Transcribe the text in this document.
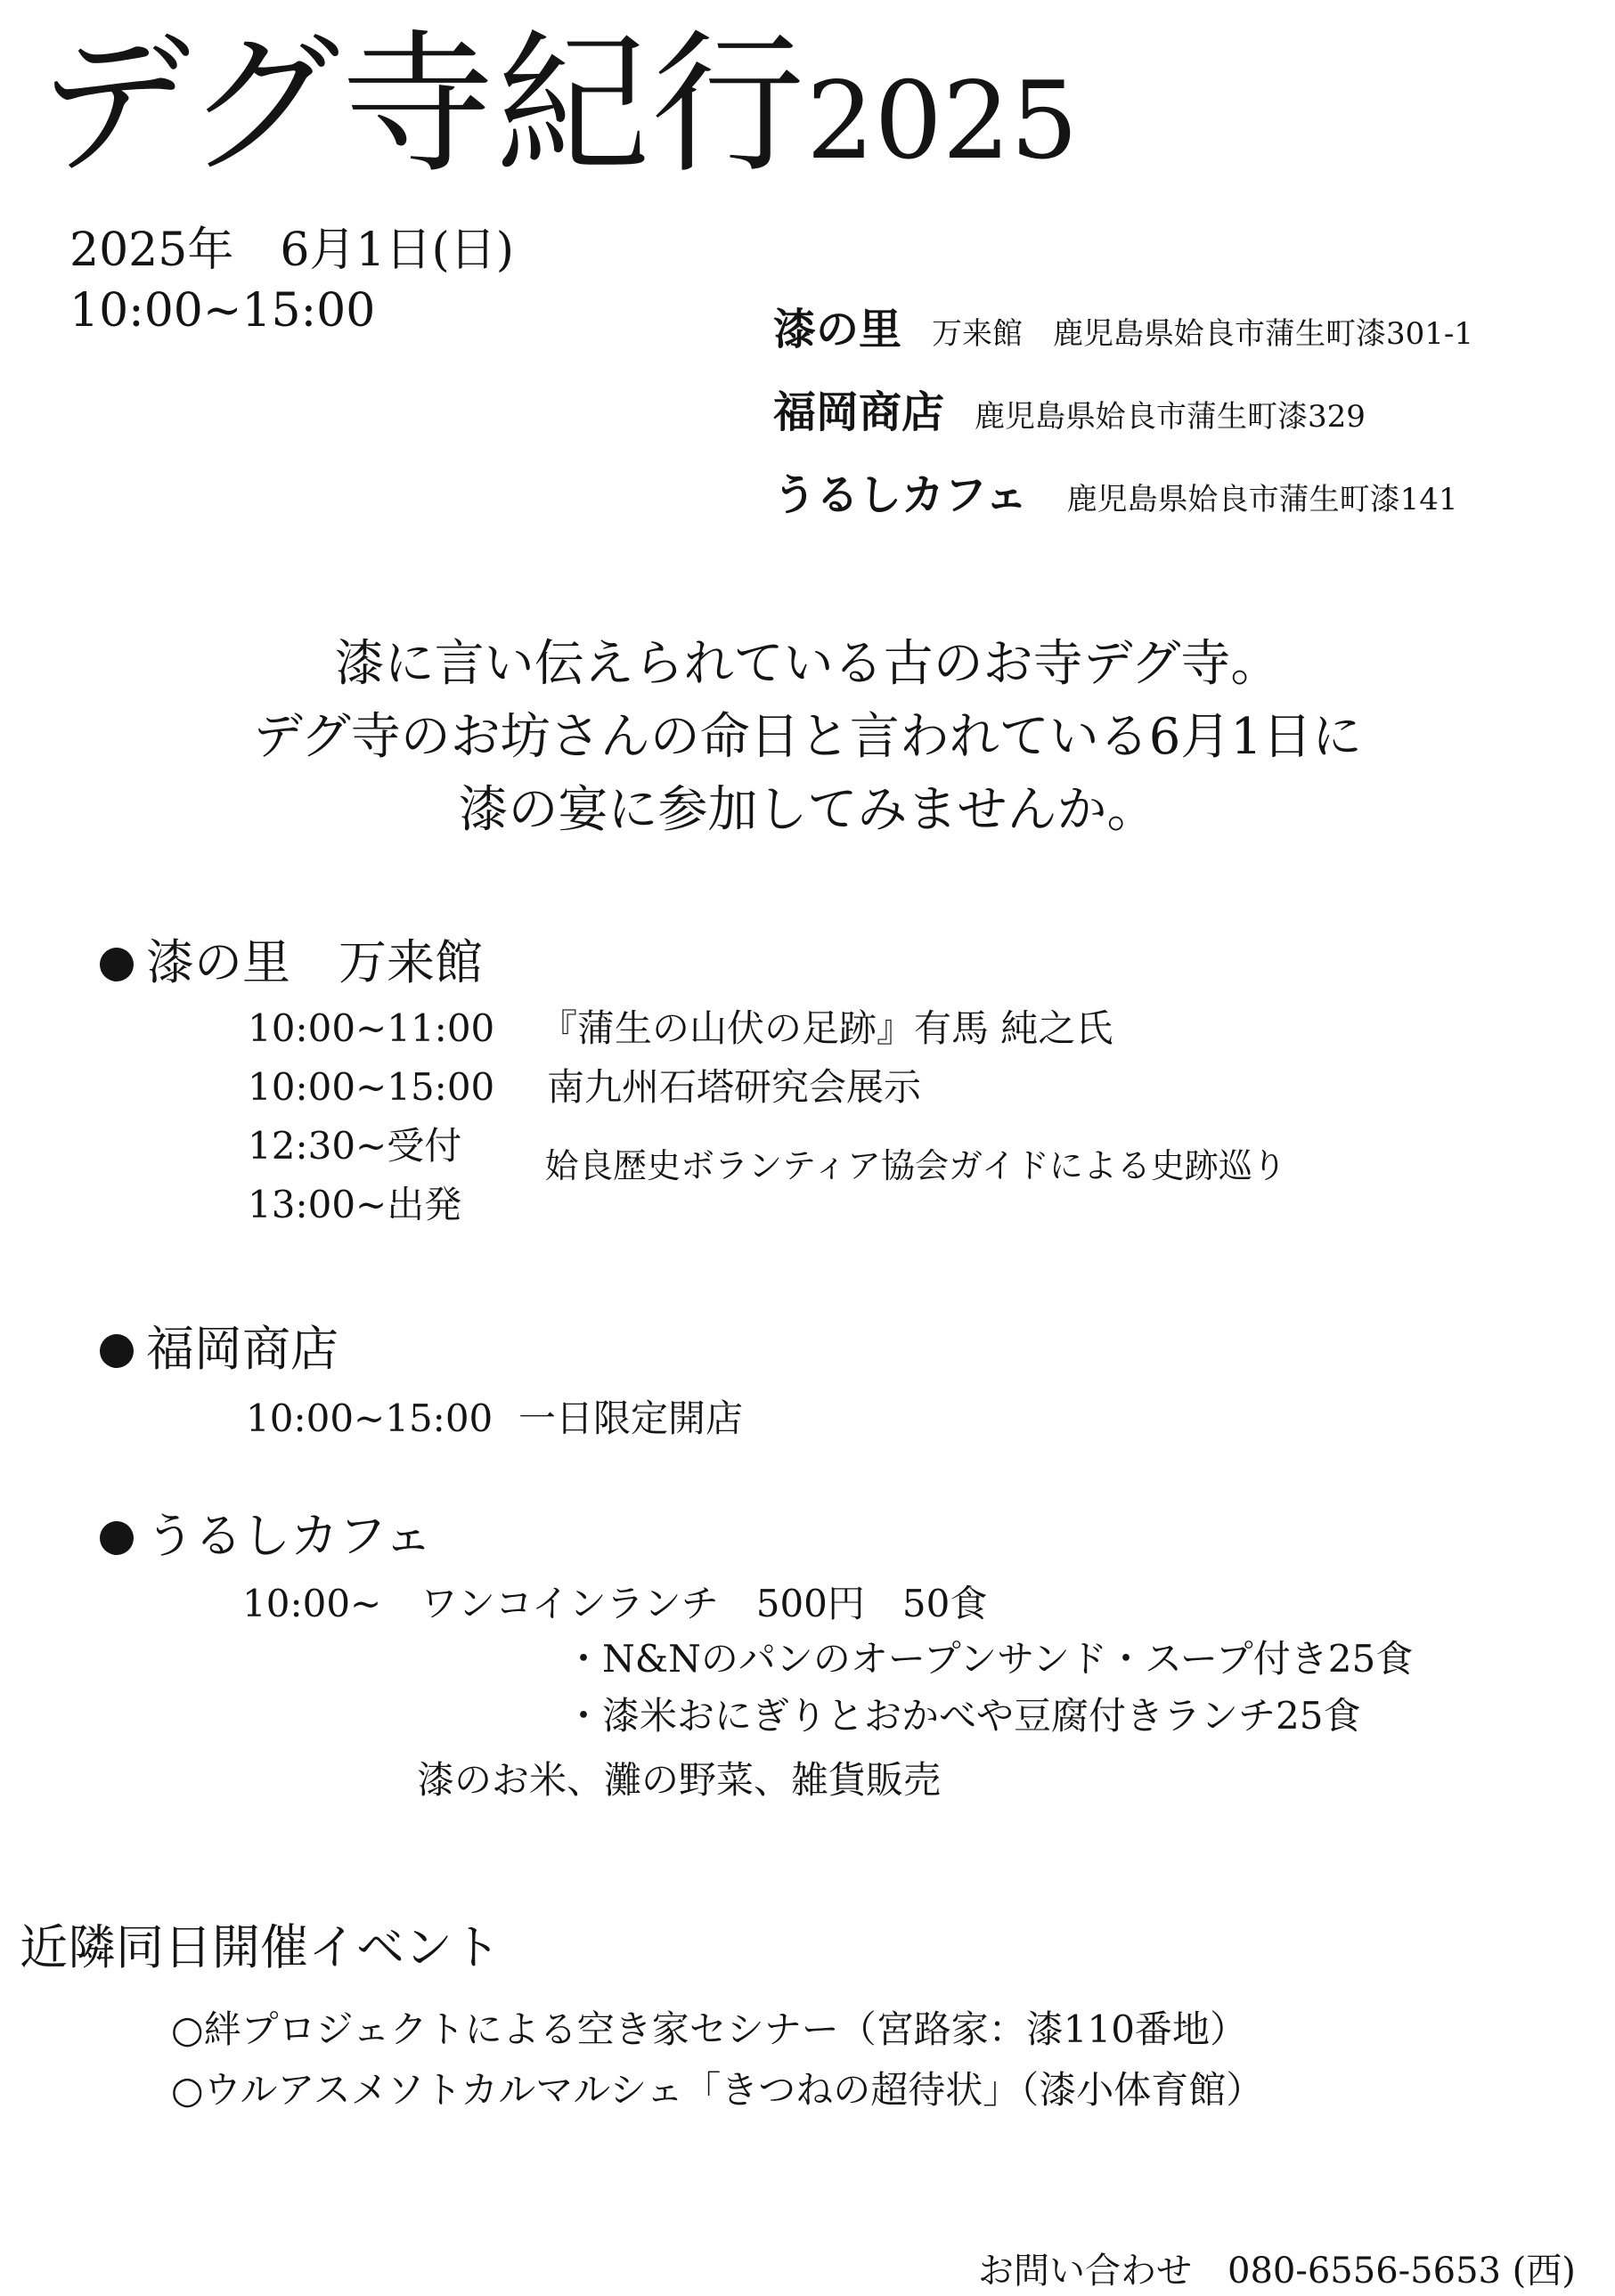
デグ寺紀行2025
2025年　6月1日(日)
10:00~15:00	漆の里 万来館　鹿児島県姶良市蒲生町漆301-1
福岡商店 鹿児島県姶良市蒲生町漆329
うるしカフェ 鹿児島県姶良市蒲生町漆141
漆に言い伝えられている古のお寺デグ寺。
デグ寺のお坊さんの命日と言われている6月1日に
漆の宴に参加してみませんか。
漆の里　万来館
10:00~11:00 『蒲生の山伏の足跡』有馬 純之氏
10:00~15:00 南九州石塔研究会展示
12:30~受付 姶良歴史ボランティア協会ガイドによる史跡巡り
13:00~出発
福岡商店
10:00~15:00 一日限定開店
うるしカフェ
10:00~ ワンコインランチ　500円　50食
・N&Nのパンのオープンサンド・スープ付き25食
・漆米おにぎりとおかべや豆腐付きランチ25食
漆のお米、灘の野菜、雑貨販売
近隣同日開催イベント
○絆プロジェクトによる空き家セシナー（宮路家：漆110番地）
○ウルアスメソトカルマルシェ「きつねの超待状」（漆小体育館）
お問い合わせ　080-6556-5653 (西)
